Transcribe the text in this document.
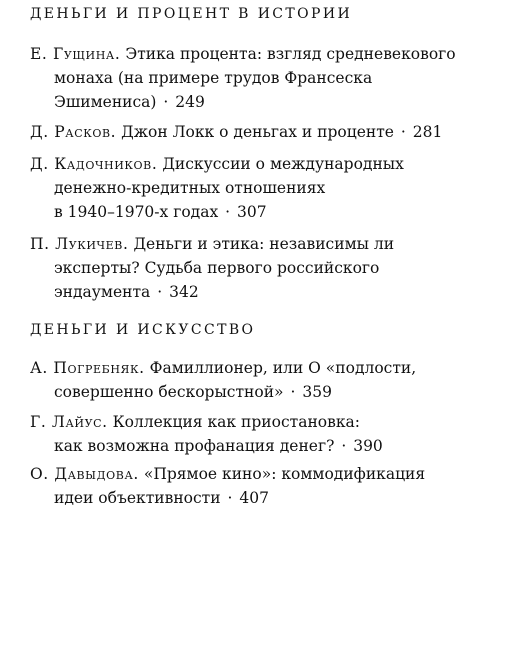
ДЕНЬГИ И ПРОЦЕНТ В ИСТОРИИ
Е. Гущина. Этика процента: взгляд средневекового
монаха (на примере трудов Франсеска
Эшимениса) · 249
Д. Расков. Джон Локк о деньгах и проценте · 281
Д. Кадочников. Дискуссии о международных
денежно-кредитных отношениях
в 1940–1970-х годах · 307
П. Лукичев. Деньги и этика: независимы ли
эксперты? Судьба первого российского
эндаумента · 342
ДЕНЬГИ И ИСКУССТВО
А. Погребняк. Фамиллионер, или О «подлости,
совершенно бескорыстной» · 359
Г. Лайус. Коллекция как приостановка:
как возможна профанация денег? · 390
О. Давыдова. «Прямое кино»: коммодификация
идеи объективности · 407
